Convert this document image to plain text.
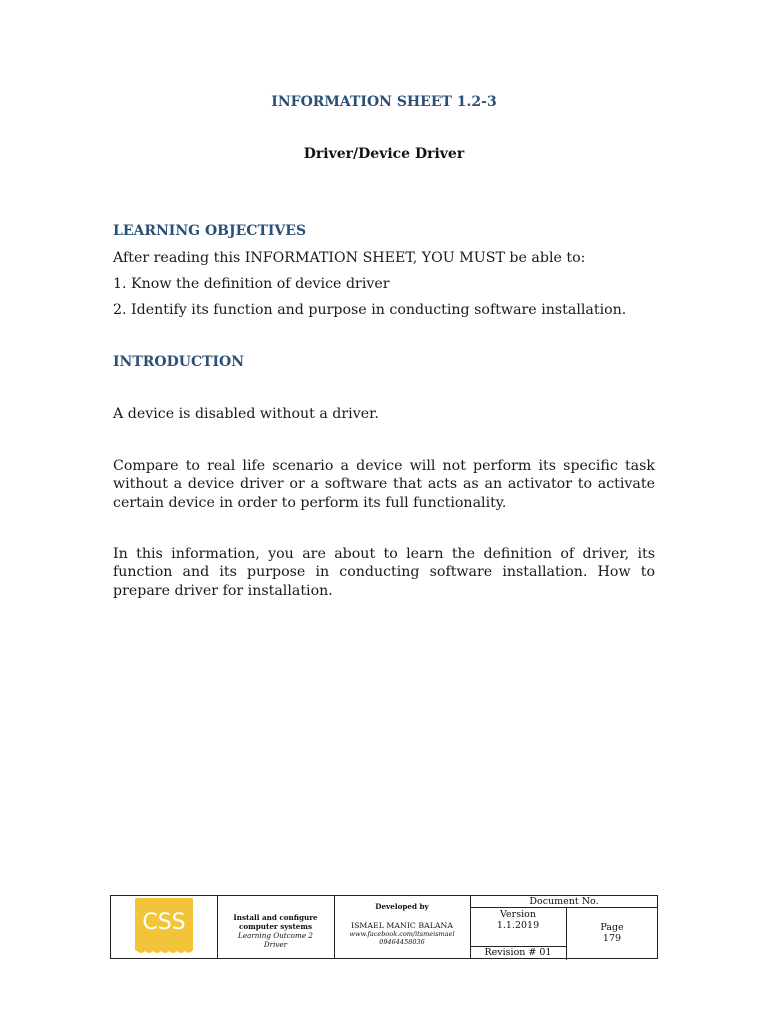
INFORMATION SHEET 1.2-3
Driver/Device Driver
LEARNING OBJECTIVES
After reading this INFORMATION SHEET, YOU MUST be able to:
1. Know the definition of device driver
2. Identify its function and purpose in conducting software installation.
INTRODUCTION
A device is disabled without a driver.
Compare to real life scenario a device will not perform its specific task without a device driver or a software that acts as an activator to activate certain device in order to perform its full functionality.
In this information, you are about to learn the definition of driver, its function and its purpose in conducting software installation. How to prepare driver for installation.
CSS	Install and configure
computer systems
Learning Outcome 2
Driver
Developed by
ISMAEL MANIC BALANA
www.facebook.com/itsmeismael
09464458036
Document No.
Version
1.1.2019
Revision # 01
Page
179
